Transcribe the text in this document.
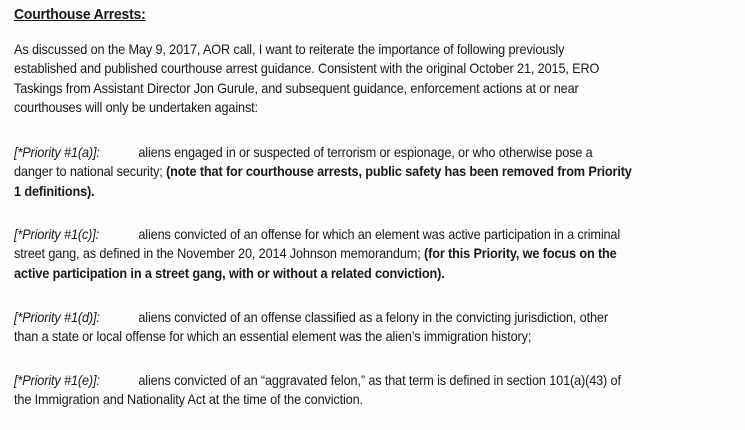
Courthouse Arrests:

As discussed on the May 9, 2017, AOR call, I want to reiterate the importance of following previously
established and published courthouse arrest guidance. Consistent with the original October 21, 2015, ERO
Taskings from Assistant Director Jon Gurule, and subsequent guidance, enforcement actions at or near
courthouses will only be undertaken against:

[*Priority #1(a)]:	aliens engaged in or suspected of terrorism or espionage, or who otherwise pose a
danger to national security; (note that for courthouse arrests, public safety has been removed from Priority
1 definitions).

[*Priority #1(c)]:	aliens convicted of an offense for which an element was active participation in a criminal
street gang, as defined in the November 20, 2014 Johnson memorandum; (for this Priority, we focus on the
active participation in a street gang, with or without a related conviction).

[*Priority #1(d)]:	aliens convicted of an offense classified as a felony in the convicting jurisdiction, other
than a state or local offense for which an essential element was the alien’s immigration history;

[*Priority #1(e)]:	aliens convicted of an “aggravated felon,” as that term is defined in section 101(a)(43) of
the Immigration and Nationality Act at the time of the conviction.
